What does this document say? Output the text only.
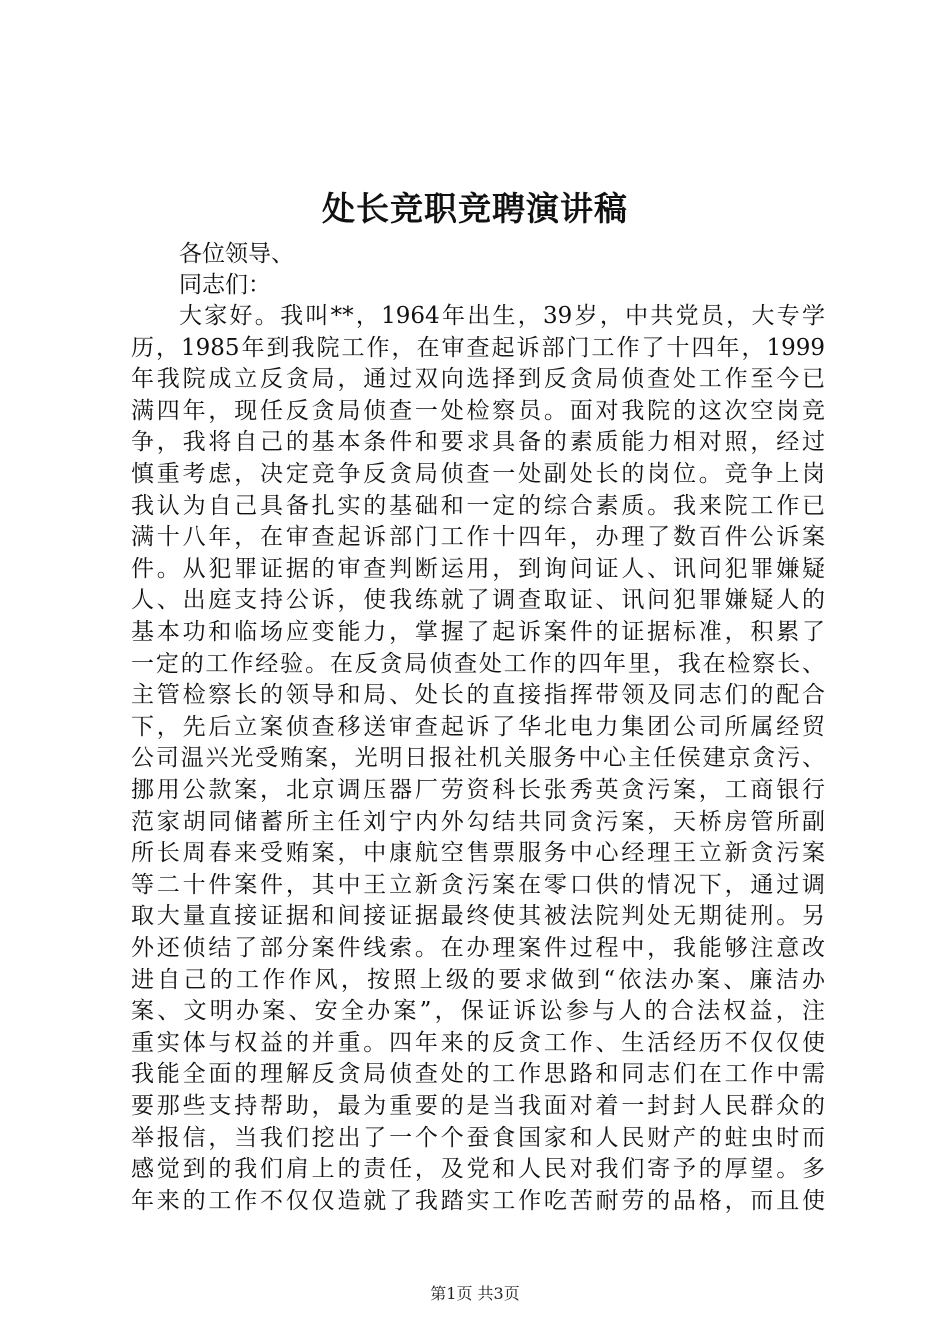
处长竞职竞聘演讲稿

各位领导、

同志们：

大家好。我叫**，1964年出生，39岁，中共党员，大专学

历，1985年到我院工作，在审查起诉部门工作了十四年，1999

年我院成立反贪局，通过双向选择到反贪局侦查处工作至今已

满四年，现任反贪局侦查一处检察员。面对我院的这次空岗竞

争，我将自己的基本条件和要求具备的素质能力相对照，经过

慎重考虑，决定竞争反贪局侦查一处副处长的岗位。竞争上岗

我认为自己具备扎实的基础和一定的综合素质。我来院工作已

满十八年，在审查起诉部门工作十四年，办理了数百件公诉案

件。从犯罪证据的审查判断运用，到询问证人、讯问犯罪嫌疑

人、出庭支持公诉，使我练就了调查取证、讯问犯罪嫌疑人的

基本功和临场应变能力，掌握了起诉案件的证据标准，积累了

一定的工作经验。在反贪局侦查处工作的四年里，我在检察长、

主管检察长的领导和局、处长的直接指挥带领及同志们的配合

下，先后立案侦查移送审查起诉了华北电力集团公司所属经贸

公司温兴光受贿案，光明日报社机关服务中心主任侯建京贪污、

挪用公款案，北京调压器厂劳资科长张秀英贪污案，工商银行

范家胡同储蓄所主任刘宁内外勾结共同贪污案，天桥房管所副

所长周春来受贿案，中康航空售票服务中心经理王立新贪污案

等二十件案件，其中王立新贪污案在零口供的情况下，通过调

取大量直接证据和间接证据最终使其被法院判处无期徒刑。另

外还侦结了部分案件线索。在办理案件过程中，我能够注意改

进自己的工作作风，按照上级的要求做到“依法办案、廉洁办

案、文明办案、安全办案”，保证诉讼参与人的合法权益，注

重实体与权益的并重。四年来的反贪工作、生活经历不仅仅使

我能全面的理解反贪局侦查处的工作思路和同志们在工作中需

要那些支持帮助，最为重要的是当我面对着一封封人民群众的

举报信，当我们挖出了一个个蚕食国家和人民财产的蛀虫时而

感觉到的我们肩上的责任，及党和人民对我们寄予的厚望。多

年来的工作不仅仅造就了我踏实工作吃苦耐劳的品格，而且使

第1页 共3页
